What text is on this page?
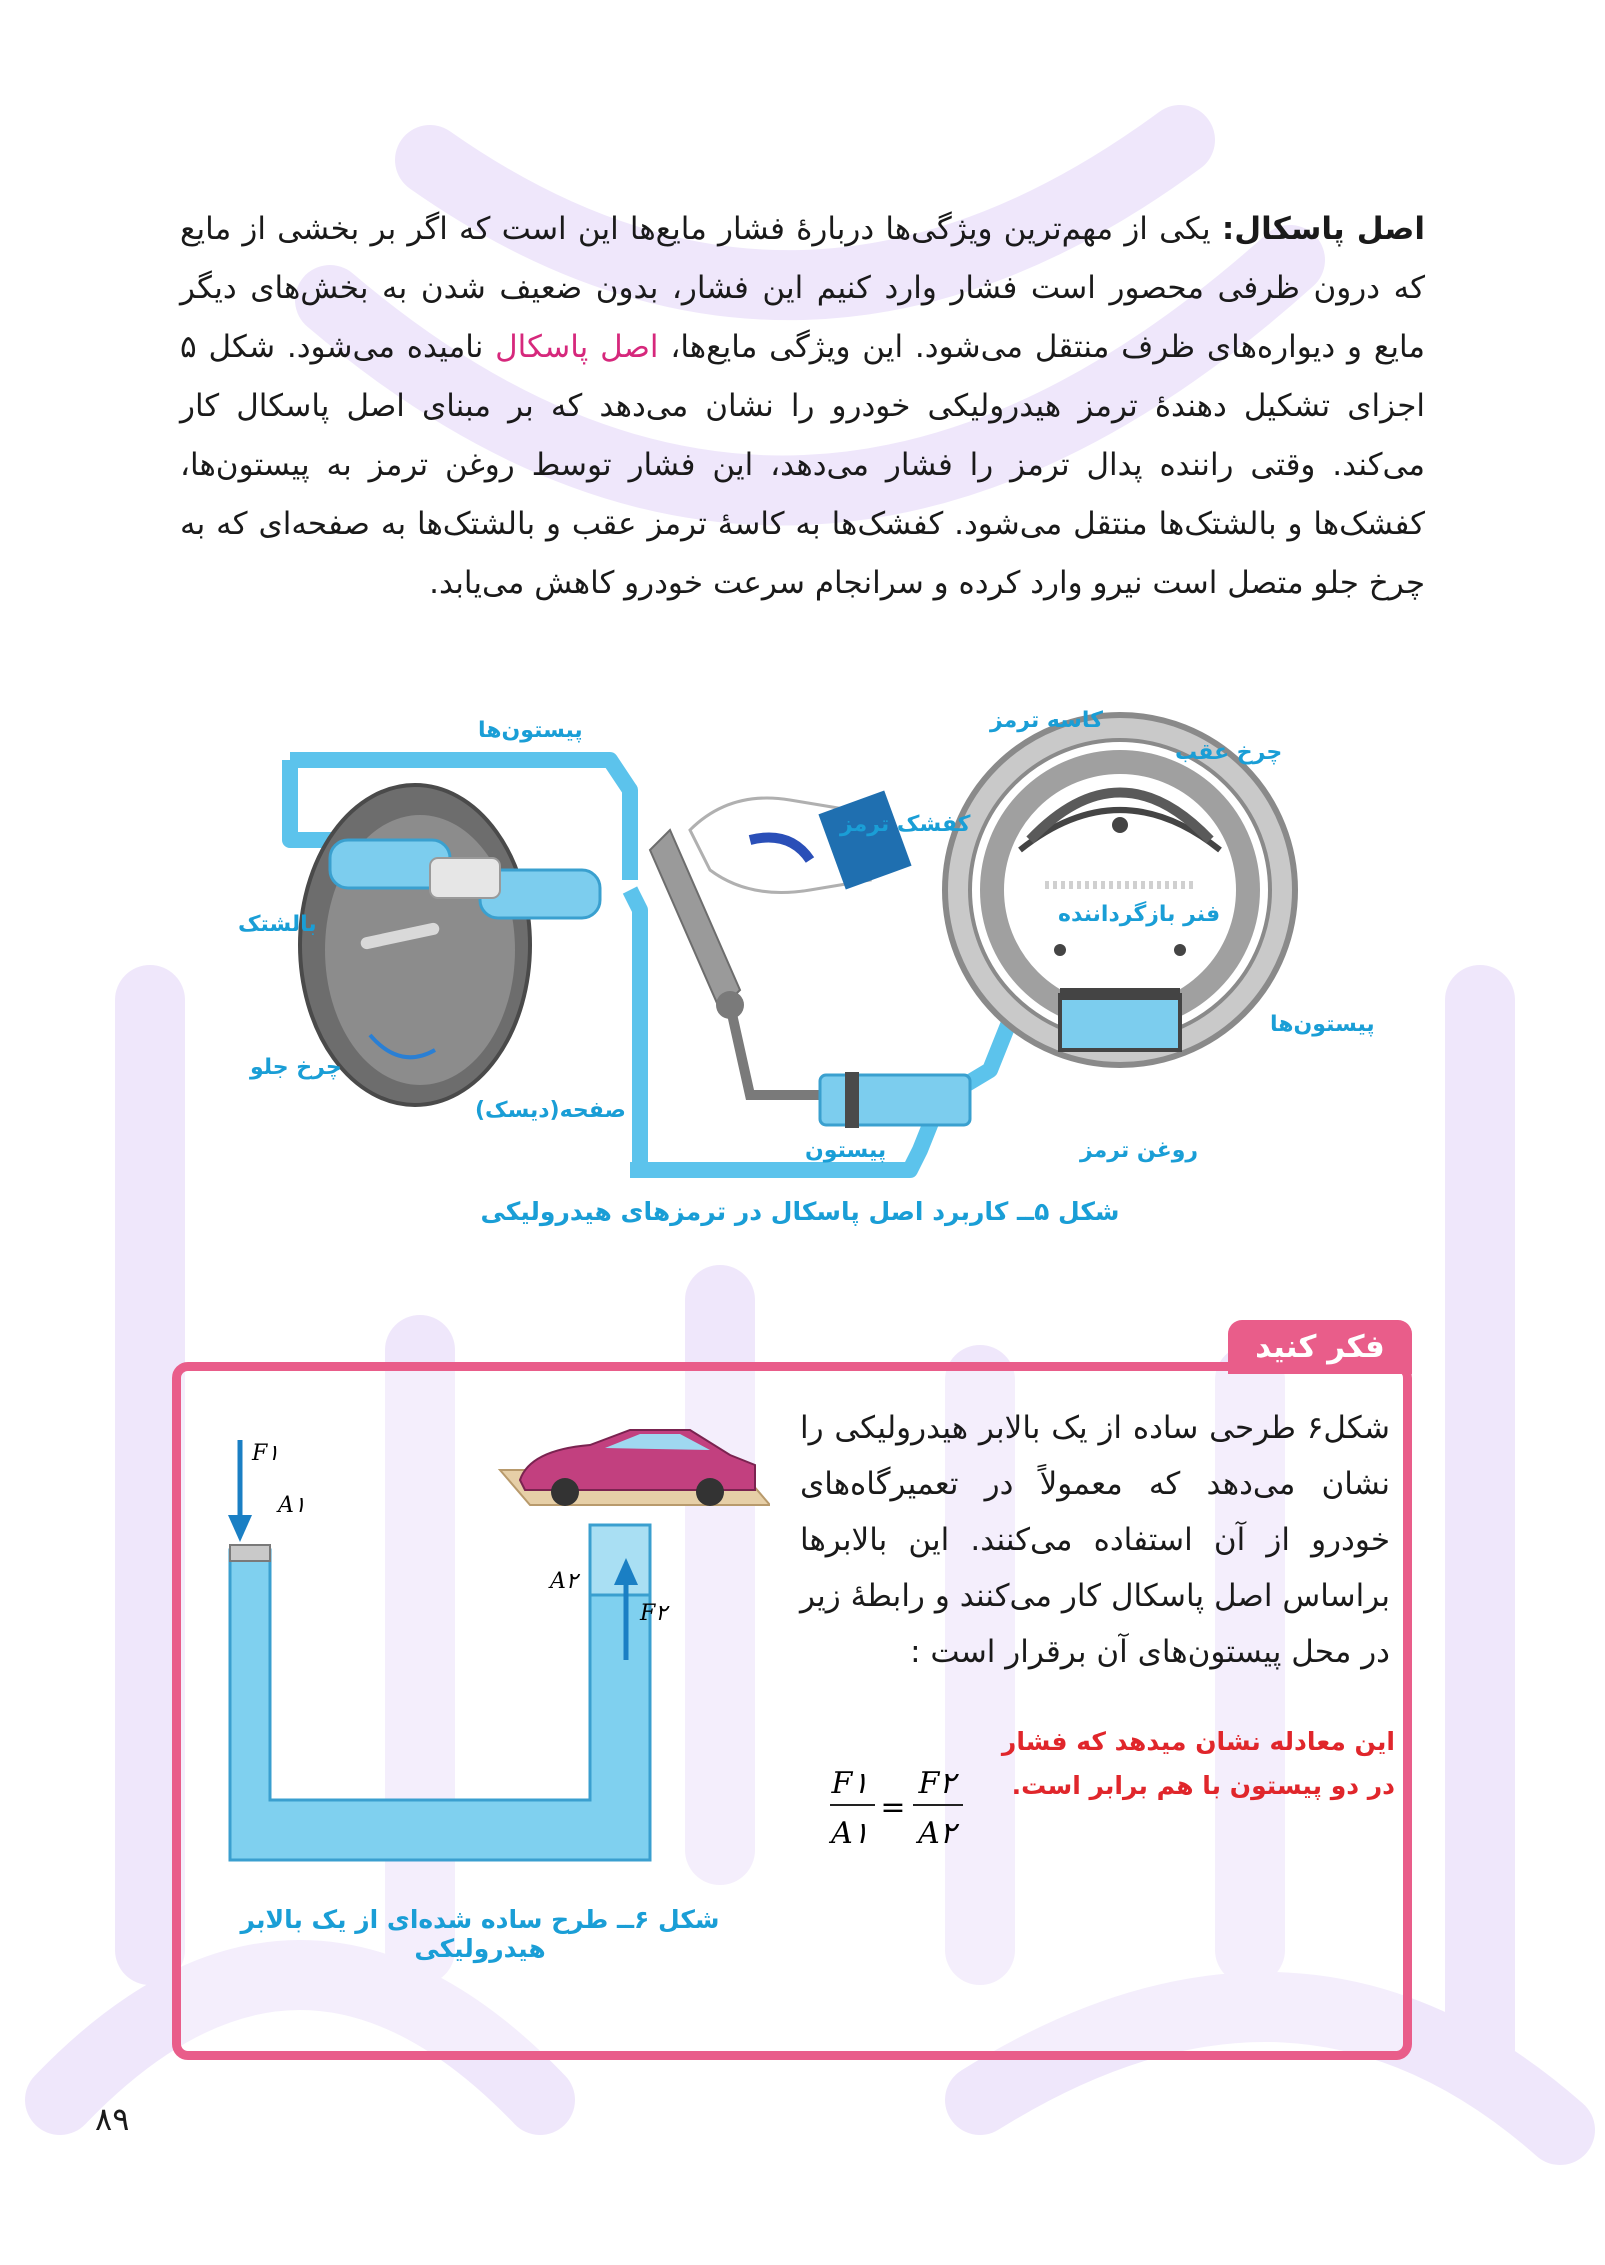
اصل پاسکال: یکی از مهم‌ترین ویژگی‌ها دربارهٔ فشار مایع‌ها این است که اگر بر بخشی از مایع که درون ظرفی محصور است فشار وارد کنیم این فشار، بدون ضعیف شدن به بخش‌های دیگر مایع و دیواره‌های ظرف منتقل می‌شود. این ویژگی مایع‌ها، اصل پاسکال نامیده می‌شود. شکل ۵ اجزای تشکیل دهندهٔ ترمز هیدرولیکی خودرو را نشان می‌دهد که بر مبنای اصل پاسکال کار می‌کند. وقتی راننده پدال ترمز را فشار می‌دهد، این فشار توسط روغن ترمز به پیستون‌ها، کفشک‌ها و بالشتک‌ها منتقل می‌شود. کفشک‌ها به کاسهٔ ترمز عقب و بالشتک‌ها به صفحه‌ای که به چرخ جلو متصل است نیرو وارد کرده و سرانجام سرعت خودرو کاهش می‌یابد.
پیستون‌ها
بالشتک
چرخ جلو
صفحه(دیسک)
پیستون	روغن ترمز
پیستون‌ها
فنر بازگرداننده
کفشک ترمز
کاسه ترمز
چرخ عقب
شکل ۵ــ کاربرد اصل پاسکال در ترمزهای هیدرولیکی
فکر کنید
شکل۶ طرحی ساده از یک بالابر هیدرولیکی را نشان می‌دهد که معمولاً در تعمیرگاه‌های خودرو از آن استفاده می‌کنند. این بالابرها براساس اصل پاسکال کار می‌کنند و رابطهٔ زیر در محل پیستون‌های آن برقرار است :
این معادله نشان میدهد که فشار در دو پیستون با هم برابر است.
F۱
A۱
=
F۲
A۲
F۱
A۱
A۲
F۲
شکل ۶ــ طرح ساده شده‌ای از یک بالابر هیدرولیکی
۸۹
